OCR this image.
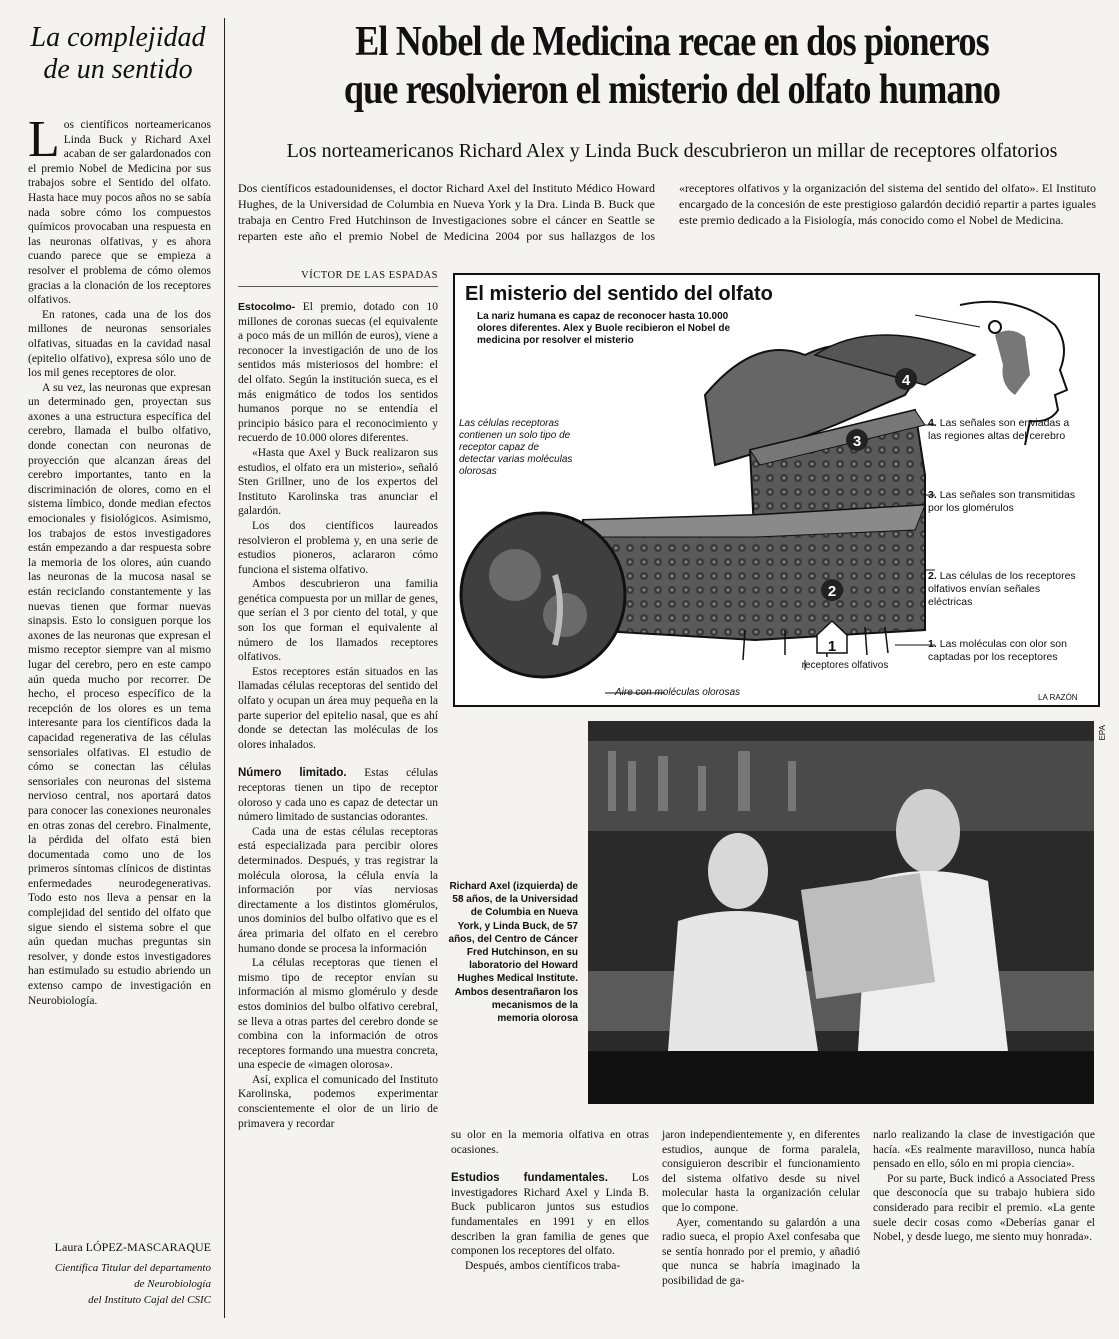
La complejidad de un sentido

Los científicos norteamericanos Linda Buck y Richard Axel acaban de ser galardonados con el premio Nobel de Medicina por sus trabajos sobre el Sentido del olfato. Hasta hace muy pocos años no se sabía nada sobre cómo los compuestos químicos provocaban una respuesta en las neuronas olfativas, y es ahora cuando parece que se empieza a resolver el problema de cómo olemos gracias a la clonación de los receptores olfativos.

En ratones, cada una de los dos millones de neuronas sensoriales olfativas, situadas en la cavidad nasal (epitelio olfativo), expresa sólo uno de los mil genes receptores de olor.

A su vez, las neuronas que expresan un determinado gen, proyectan sus axones a una estructura específica del cerebro, llamada el bulbo olfativo, donde conectan con neuronas de proyección que alcanzan áreas del cerebro importantes, tanto en la discriminación de olores, como en el sistema límbico, donde median efectos emocionales y fisiológicos. Asimismo, los trabajos de estos investigadores están empezando a dar respuesta sobre la memoria de los olores, aún cuando las neuronas de la mucosa nasal se están reciclando constantemente y las nuevas tienen que formar nuevas sinapsis. Esto lo consiguen porque los axones de las neuronas que expresan el mismo receptor siempre van al mismo lugar del cerebro, pero en este campo aún queda mucho por recorrer. De hecho, el proceso específico de la recepción de los olores es un tema interesante para los científicos dada la capacidad regenerativa de las células sensoriales olfativas. El estudio de cómo se conectan las células sensoriales con neuronas del sistema nervioso central, nos aportará datos para conocer las conexiones neuronales en otras zonas del cerebro. Finalmente, la pérdida del olfato está bien documentada como uno de los primeros síntomas clínicos de distintas enfermedades neurodegenerativas. Todo esto nos lleva a pensar en la complejidad del sentido del olfato que sigue siendo el sistema sobre el que aún quedan muchas preguntas sin resolver, y donde estos investigadores han estimulado su estudio abriendo un extenso campo de investigación en Neurobiología.

Laura LÓPEZ-MASCARAQUE
Científica Titular del departamento
de Neurobiología
del Instituto Cajal del CSIC
El Nobel de Medicina recae en dos pioneros
que resolvieron el misterio del olfato humano
Los norteamericanos Richard Alex y Linda Buck descubrieron un millar de receptores olfatorios
Dos científicos estadounidenses, el doctor Richard Axel del Instituto Médico Howard Hughes, de la Universidad de Columbia en Nueva York y la Dra. Linda B. Buck que trabaja en Centro Fred Hutchinson de Investigaciones sobre el cáncer en Seattle se reparten este año el premio Nobel de Medicina 2004 por sus hallazgos de los «receptores olfativos y la organización del sistema del sentido del olfato». El Instituto encargado de la concesión de este prestigioso galardón decidió repartir a partes iguales este premio dedicado a la Fisiología, más conocido como el Nobel de Medicina.
VÍCTOR DE LAS ESPADAS

Estocolmo- El premio, dotado con 10 millones de coronas suecas (el equivalente a poco más de un millón de euros), viene a reconocer la investigación de uno de los sentidos más misteriosos del hombre: el del olfato. Según la institución sueca, es el más enigmático de todos los sentidos humanos porque no se entendía el principio básico para el reconocimiento y recuerdo de 10.000 olores diferentes.

«Hasta que Axel y Buck realizaron sus estudios, el olfato era un misterio», señaló Sten Grillner, uno de los expertos del Instituto Karolinska tras anunciar el galardón.

Los dos científicos laureados resolvieron el problema y, en una serie de estudios pioneros, aclararon cómo funciona el sistema olfativo.

Ambos descubrieron una familia genética compuesta por un millar de genes, que serían el 3 por ciento del total, y que son los que forman el equivalente al número de los llamados receptores olfativos.

Estos receptores están situados en las llamadas células receptoras del sentido del olfato y ocupan un área muy pequeña en la parte superior del epitelio nasal, que es ahí donde se detectan las moléculas de los olores inhalados.

Número limitado. Estas células receptoras tienen un tipo de receptor oloroso y cada uno es capaz de detectar un número limitado de sustancias odorantes.

Cada una de estas células receptoras está especializada para percibir olores determinados. Después, y tras registrar la molécula olorosa, la célula envía la información por vías nerviosas directamente a los distintos glomérulos, unos dominios del bulbo olfativo que es el área primaria del olfato en el cerebro humano donde se procesa la información

La células receptoras que tienen el mismo tipo de receptor envían su información al mismo glomérulo y desde estos dominios del bulbo olfativo cerebral, se lleva a otras partes del cerebro donde se combina con la información de otros receptores formando una muestra concreta, una especie de «imagen olorosa».

Así, explica el comunicado del Instituto Karolinska, podemos experimentar conscientemente el olor de un lirio de primavera y recordar

4
3
2
1
El misterio del sentido del olfato
La nariz humana es capaz de reconocer hasta 10.000 olores diferentes. Alex y Buole recibieron el Nobel de medicina por resolver el misterio
Las células receptoras contienen un solo tipo de receptor capaz de detectar varias moléculas olorosas
4. Las señales son enviadas a las regiones altas del cerebro
3. Las señales son transmitidas por los glomérulos
2. Las células de los receptores olfativos envían señales eléctricas
1. Las moléculas con olor son captadas por los receptores
receptores olfativos
Aire con moléculas olorosas	LA RAZÓN
EPA
Richard Axel (izquierda) de 58 años, de la Universidad de Columbia en Nueva York, y Linda Buck, de 57 años, del Centro de Cáncer Fred Hutchinson, en su laboratorio del Howard Hughes Medical Institute. Ambos desentrañaron los mecanismos de la memoria olorosa

su olor en la memoria olfativa en otras ocasiones.

Estudios fundamentales. Los investigadores Richard Axel y Linda B. Buck publicaron juntos sus estudios fundamentales en 1991 y en ellos describen la gran familia de genes que componen los receptores del olfato.

Después, ambos científicos traba-

jaron independientemente y, en diferentes estudios, aunque de forma paralela, consiguieron describir el funcionamiento del sistema olfativo desde su nivel molecular hasta la organización celular que lo compone.

Ayer, comentando su galardón a una radio sueca, el propio Axel confesaba que se sentía honrado por el premio, y añadió que nunca se habría imaginado la posibilidad de ga-

narlo realizando la clase de investigación que hacía. «Es realmente maravilloso, nunca había pensado en ello, sólo en mi propia ciencia».

Por su parte, Buck indicó a Associated Press que desconocía que su trabajo hubiera sido considerado para recibir el premio. «La gente suele decir cosas como «Deberías ganar el Nobel, y desde luego, me siento muy honrada».
